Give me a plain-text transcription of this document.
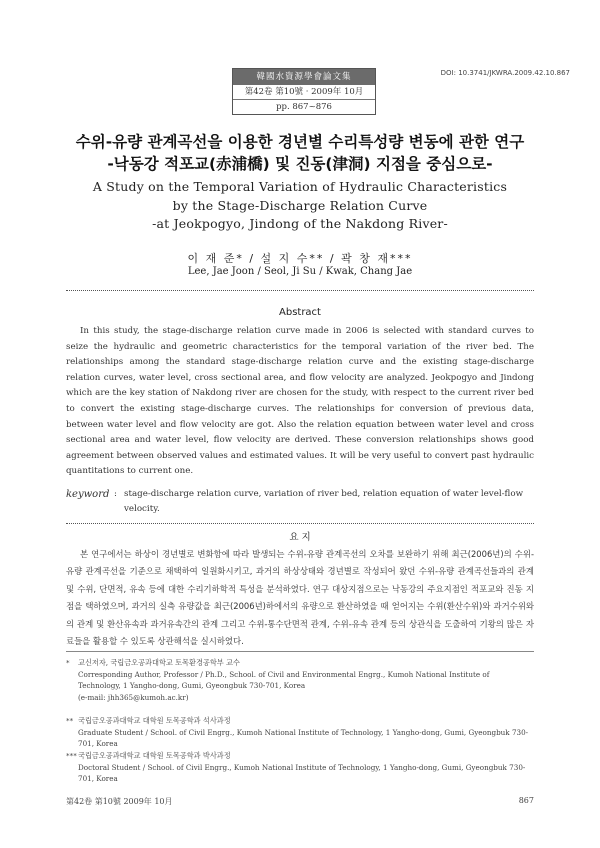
韓國水資源學會論文集
第42卷 第10號 · 2009年 10月
pp. 867~876
DOI: 10.3741/JKWRA.2009.42.10.867
수위-유량 관계곡선을 이용한 경년별 수리특성량 변동에 관한 연구
-낙동강 적포교(赤浦橋) 및 진동(津洞) 지점을 중심으로-
A Study on the Temporal Variation of Hydraulic Characteristics
by the Stage-Discharge Relation Curve
-at Jeokpogyo, Jindong of the Nakdong River-
이 재 준* / 설 지 수** / 곽 창 재***
Lee, Jae Joon / Seol, Ji Su / Kwak, Chang Jae
Abstract

In this study, the stage-discharge relation curve made in 2006 is selected with standard curves to seize the hydraulic and geometric characteristics for the temporal variation of the river bed. The relationships among the standard stage-discharge relation curve and the existing stage-discharge relation curves, water level, cross sectional area, and flow velocity are analyzed. Jeokpogyo and Jindong which are the key station of Nakdong river are chosen for the study, with respect to the current river bed to convert the existing stage-discharge curves. The relationships for conversion of previous data, between water level and flow velocity are got. Also the relation equation between water level and cross sectional area and water level, flow velocity are derived. These conversion relationships shows good agreement between observed values and estimated values. It will be very useful to convert past hydraulic quantitations to current one.

keyword : stage-discharge relation curve, variation of river bed, relation equation of water level-flow velocity.
요 지

본 연구에서는 하상이 경년별로 변화함에 따라 발생되는 수위-유량 관계곡선의 오차를 보완하기 위해 최근(2006년)의 수위-유량 관계곡선을 기준으로 채택하여 일원화시키고, 과거의 하상상태와 경년별로 작성되어 왔던 수위-유량 관계곡선들과의 관계 및 수위, 단면적, 유속 등에 대한 수리기하학적 특성을 분석하였다. 연구 대상지점으로는 낙동강의 주요지점인 적포교와 진동 지점을 택하였으며, 과거의 실측 유량값을 최근(2006년)하에서의 유량으로 환산하였을 때 얻어지는 수위(환산수위)와 과거수위와의 관계 및 환산유속과 과거유속간의 관계 그리고 수위-통수단면적 관계, 수위-유속 관계 등의 상관식을 도출하여 기왕의 많은 자료들을 활용할 수 있도록 상관해석을 실시하였다.

* 교신저자, 국립금오공과대학교 토목환경공학부 교수
Corresponding Author, Professor / Ph.D., School. of Civil and Environmental Engrg., Kumoh National Institute of Technology, 1 Yangho-dong, Gumi, Gyeongbuk 730-701, Korea
(e-mail: jhh365@kumoh.ac.kr)
** 국립금오공과대학교 대학원 토목공학과 석사과정
Graduate Student / School. of Civil Engrg., Kumoh National Institute of Technology, 1 Yangho-dong, Gumi, Gyeongbuk 730-701, Korea
*** 국립금오공과대학교 대학원 토목공학과 박사과정
Doctoral Student / School. of Civil Engrg., Kumoh National Institute of Technology, 1 Yangho-dong, Gumi, Gyeongbuk 730-701, Korea
第42卷 第10號 2009年 10月	867
